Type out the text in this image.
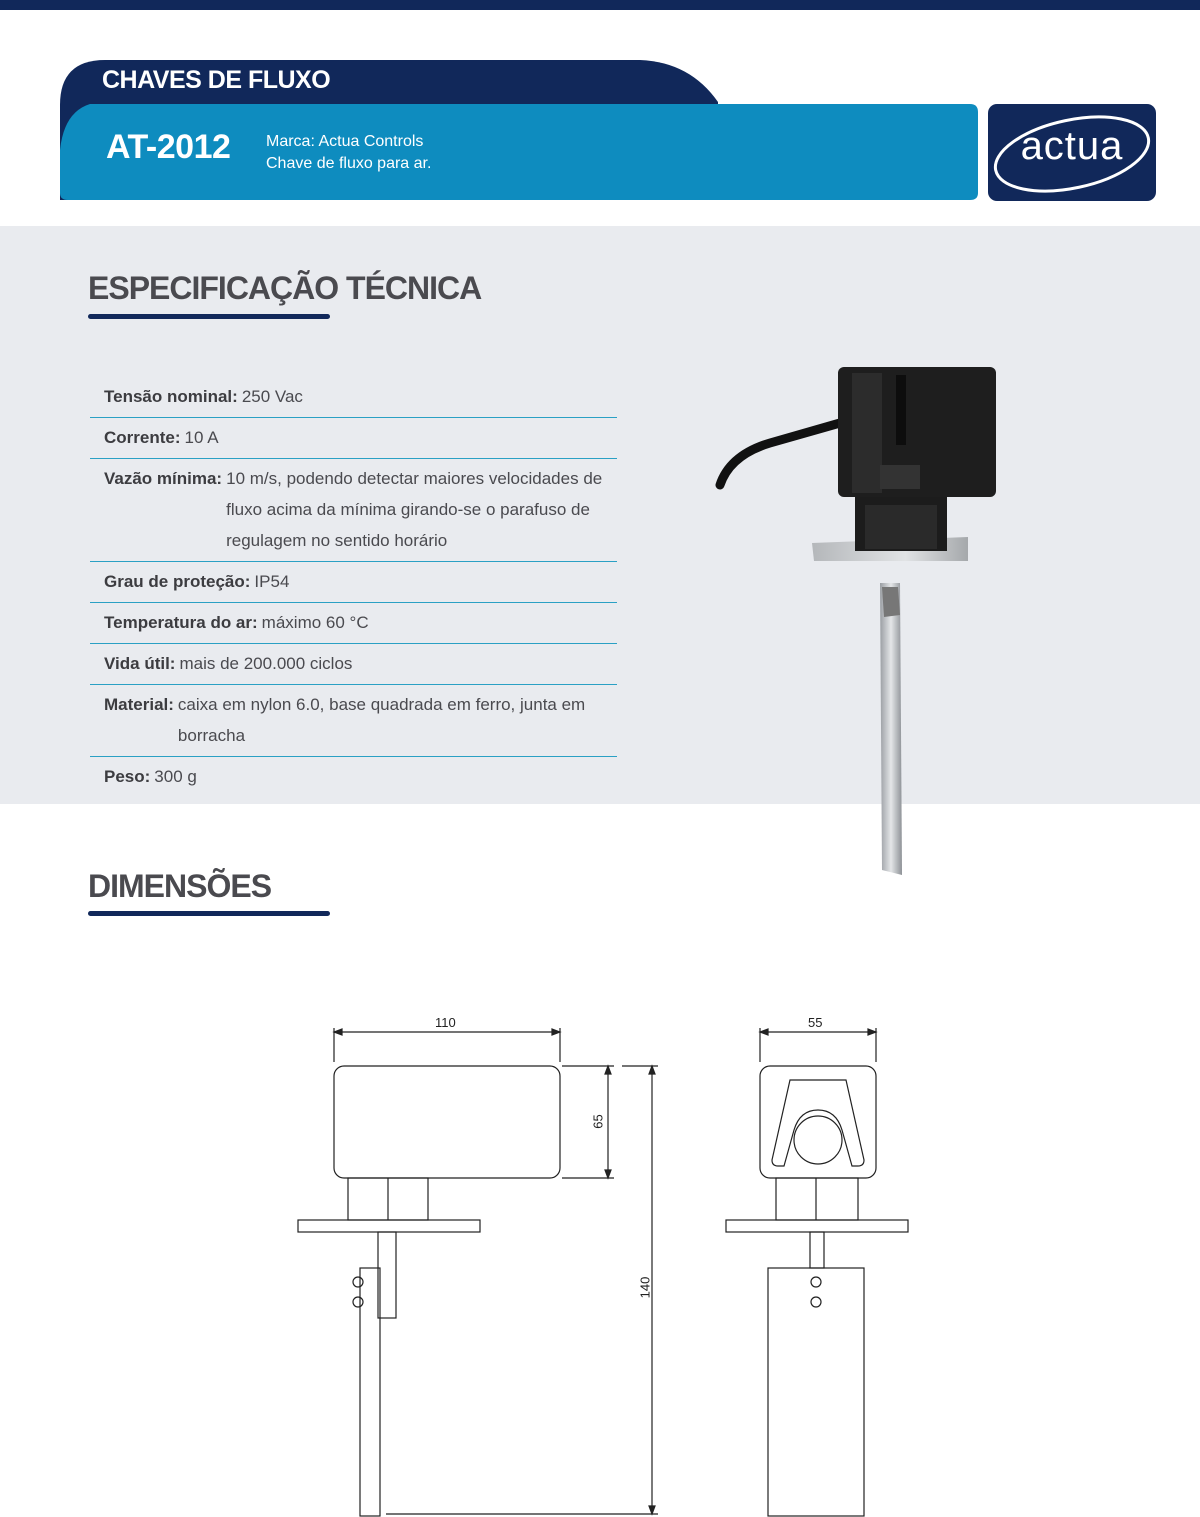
CHAVES DE FLUXO
AT-2012 Marca: Actua Controls
Chave de fluxo para ar.	actua
ESPECIFICAÇÃO TÉCNICA
Tensão nominal: 250 Vac
Corrente: 10 A
Vazão mínima: 10 m/s, podendo detectar maiores velocidades de fluxo acima da mínima girando-se o parafuso de regulagem no sentido horário
Grau de proteção: IP54
Temperatura do ar: máximo 60 °C
Vida útil: mais de 200.000 ciclos
Material: caixa em nylon 6.0, base quadrada em ferro, junta em borracha
Peso: 300 g
DIMENSÕES
110	55
65
140
